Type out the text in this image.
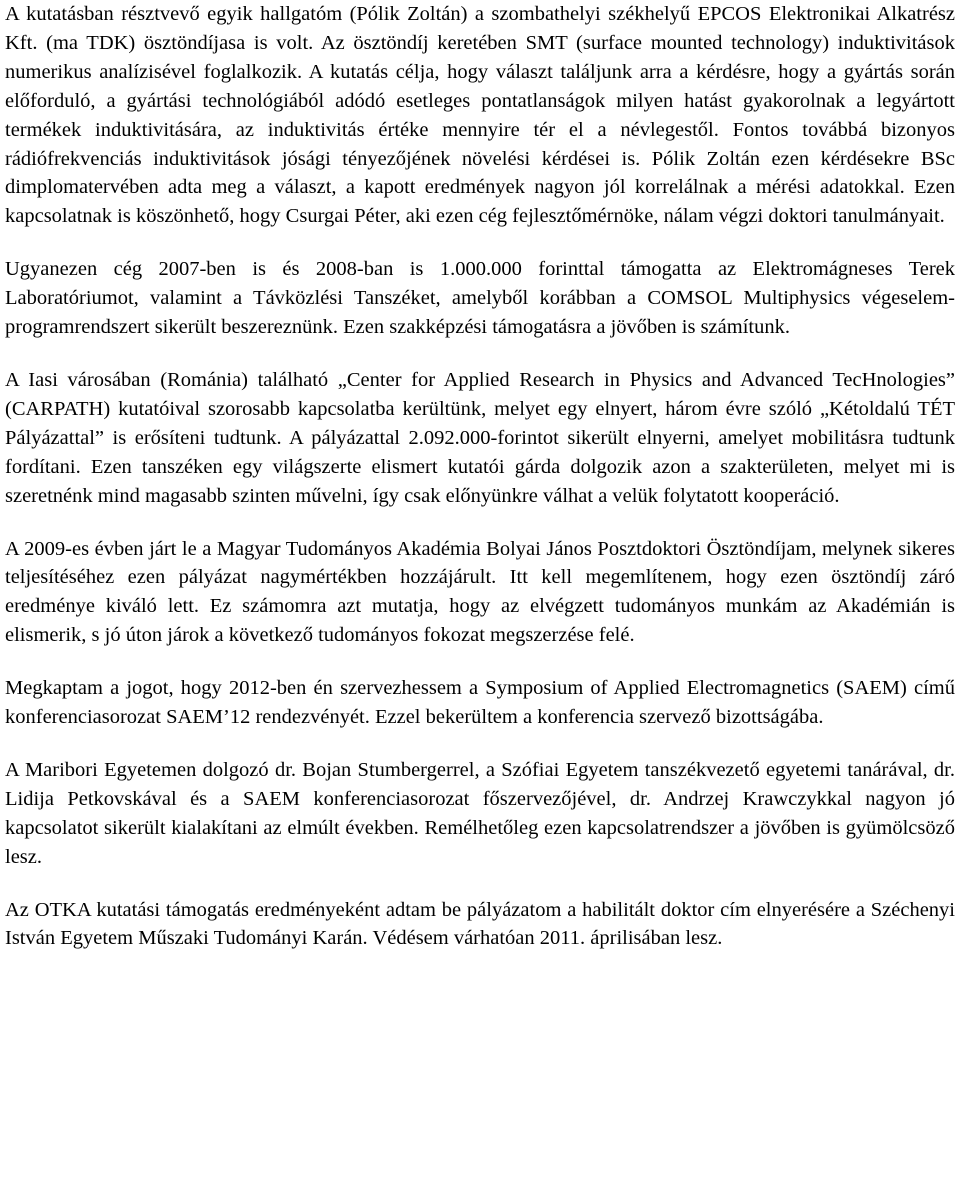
A kutatásban résztvevő egyik hallgatóm (Pólik Zoltán) a szombathelyi székhelyű EPCOS Elektronikai Alkatrész Kft. (ma TDK) ösztöndíjasa is volt. Az ösztöndíj keretében SMT (surface mounted technology) induktivitások numerikus analízisével foglalkozik. A kutatás célja, hogy választ találjunk arra a kérdésre, hogy a gyártás során előforduló, a gyártási technológiából adódó esetleges pontatlanságok milyen hatást gyakorolnak a legyártott termékek induktivitására, az induktivitás értéke mennyire tér el a névlegestől. Fontos továbbá bizonyos rádiófrekvenciás induktivitások jósági tényezőjének növelési kérdései is. Pólik Zoltán ezen kérdésekre BSc dimplomatervében adta meg a választ, a kapott eredmények nagyon jól korrelálnak a mérési adatokkal. Ezen kapcsolatnak is köszönhető, hogy Csurgai Péter, aki ezen cég fejlesztőmérnöke, nálam végzi doktori tanulmányait.

Ugyanezen cég 2007-ben is és 2008-ban is 1.000.000 forinttal támogatta az Elektromágneses Terek Laboratóriumot, valamint a Távközlési Tanszéket, amelyből korábban a COMSOL Multiphysics végeselem-programrendszert sikerült beszereznünk. Ezen szakképzési támogatásra a jövőben is számítunk.

A Iasi városában (Románia) található „Center for Applied Research in Physics and Advanced TecHnologies” (CARPATH) kutatóival szorosabb kapcsolatba kerültünk, melyet egy elnyert, három évre szóló „Kétoldalú TÉT Pályázattal” is erősíteni tudtunk. A pályázattal 2.092.000-forintot sikerült elnyerni, amelyet mobilitásra tudtunk fordítani. Ezen tanszéken egy világszerte elismert kutatói gárda dolgozik azon a szakterületen, melyet mi is szeretnénk mind magasabb szinten művelni, így csak előnyünkre válhat a velük folytatott kooperáció.

A 2009-es évben járt le a Magyar Tudományos Akadémia Bolyai János Posztdoktori Ösztöndíjam, melynek sikeres teljesítéséhez ezen pályázat nagymértékben hozzájárult. Itt kell megemlítenem, hogy ezen ösztöndíj záró eredménye kiváló lett. Ez számomra azt mutatja, hogy az elvégzett tudományos munkám az Akadémián is elismerik, s jó úton járok a következő tudományos fokozat megszerzése felé.

Megkaptam a jogot, hogy 2012-ben én szervezhessem a Symposium of Applied Electromagnetics (SAEM) című konferenciasorozat SAEM’12 rendezvényét. Ezzel bekerültem a konferencia szervező bizottságába.

A Maribori Egyetemen dolgozó dr. Bojan Stumbergerrel, a Szófiai Egyetem tanszékvezető egyetemi tanárával, dr. Lidija Petkovskával és a SAEM konferenciasorozat főszervezőjével, dr. Andrzej Krawczykkal nagyon jó kapcsolatot sikerült kialakítani az elmúlt években. Remélhetőleg ezen kapcsolatrendszer a jövőben is gyümölcsöző lesz.

Az OTKA kutatási támogatás eredményeként adtam be pályázatom a habilitált doktor cím elnyerésére a Széchenyi István Egyetem Műszaki Tudományi Karán. Védésem várhatóan 2011. áprilisában lesz.
